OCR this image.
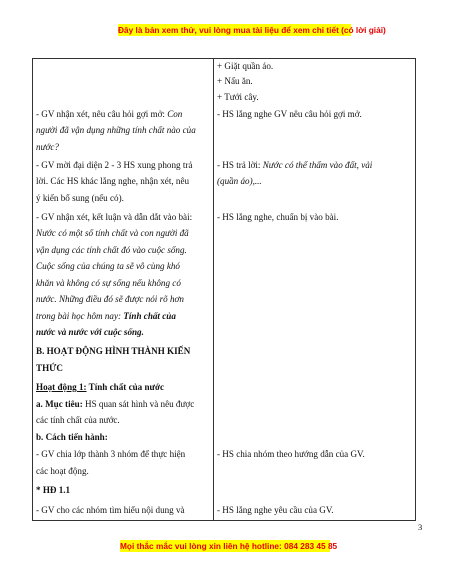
Đây là bản xem thử, vui lòng mua tài liệu để xem chi tiết (có lời giải)
+ Giặt quần áo.
+ Nấu ăn.
+ Tưới cây.
- HS lắng nghe GV nêu câu hỏi gợi mở.
- HS trả lời: Nước có thể thấm vào đất, vải
(quần áo),...
- HS lắng nghe, chuẩn bị vào bài.
- HS chia nhóm theo hướng dẫn của GV.
- HS lắng nghe yêu cầu của GV.
- GV nhận xét, nêu câu hỏi gợi mở: Con
người đã vận dụng những tính chất nào của
nước?
- GV mời đại diện 2 - 3 HS xung phong trả
lời. Các HS khác lắng nghe, nhận xét, nêu
ý kiến bổ sung (nếu có).
- GV nhận xét, kết luận và dẫn dắt vào bài:
Nước có một số tính chất và con người đã
vận dụng các tính chất đó vào cuộc sống.
Cuộc sống của chúng ta sẽ vô cùng khó
khăn và không có sự sống nếu không có
nước. Những điều đó sẽ được nói rõ hơn
trong bài học hôm nay: Tính chất của
nước và nước với cuộc sống.
B. HOẠT ĐỘNG HÌNH THÀNH KIẾN
THỨC
Hoạt động 1: Tính chất của nước
a. Mục tiêu: HS quan sát hình và nêu được
các tính chất của nước.
b. Cách tiến hành:
- GV chia lớp thành 3 nhóm để thực hiện
các hoạt động.
* HĐ 1.1
- GV cho các nhóm tìm hiểu nội dung và
3
Mọi thắc mắc vui lòng xin liên hệ hotline: 084 283 45 85
